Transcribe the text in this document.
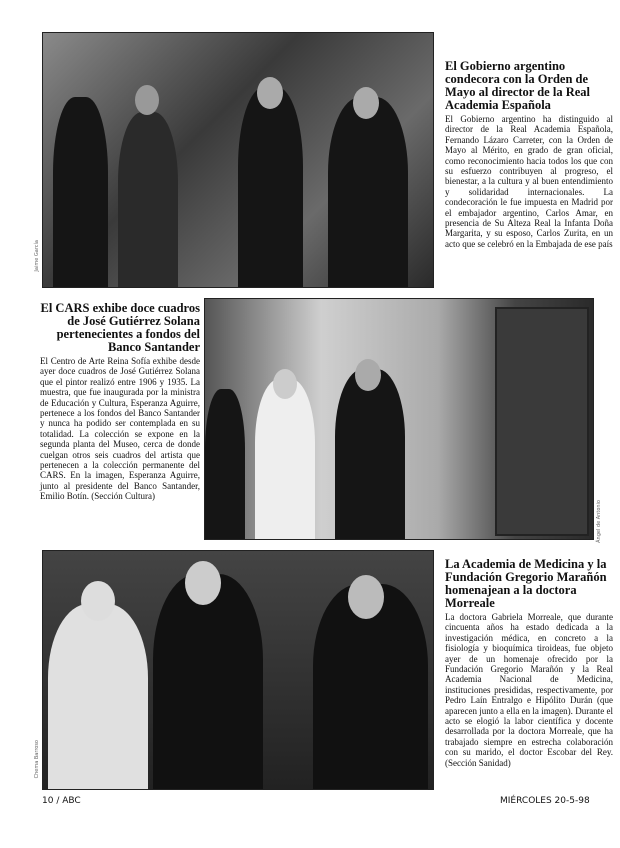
Jaime García
El Gobierno argentino condecora con la Orden de Mayo al director de la Real Academia Española

El Gobierno argentino ha distinguido al director de la Real Academia Española, Fernando Lázaro Carreter, con la Orden de Mayo al Mérito, en grado de gran oficial, como reconocimiento hacia todos los que con su esfuerzo contribuyen al progreso, el bienestar, a la cultura y al buen entendimiento y solidaridad internacionales. La condecoración le fue impuesta en Madrid por el embajador argentino, Carlos Amar, en presencia de Su Alteza Real la Infanta Doña Margarita, y su esposo, Carlos Zurita, en un acto que se celebró en la Embajada de ese país

El CARS exhibe doce cuadros de José Gutiérrez Solana pertenecientes a fondos del Banco Santander

El Centro de Arte Reina Sofía exhibe desde ayer doce cuadros de José Gutiérrez Solana que el pintor realizó entre 1906 y 1935. La muestra, que fue inaugurada por la ministra de Educación y Cultura, Esperanza Aguirre, pertenece a los fondos del Banco Santander y nunca ha podido ser contemplada en su totalidad. La colección se expone en la segunda planta del Museo, cerca de donde cuelgan otros seis cuadros del artista que pertenecen a la colección permanente del CARS. En la imagen, Esperanza Aguirre, junto al presidente del Banco Santander, Emilio Botín. (Sección Cultura)

Ángel de Antonio
Chema Barroso
La Academia de Medicina y la Fundación Gregorio Marañón homenajean a la doctora Morreale

La doctora Gabriela Morreale, que durante cincuenta años ha estado dedicada a la investigación médica, en concreto a la fisiología y bioquímica tiroideas, fue objeto ayer de un homenaje ofrecido por la Fundación Gregorio Marañón y la Real Academia Nacional de Medicina, instituciones presididas, respectivamente, por Pedro Laín Entralgo e Hipólito Durán (que aparecen junto a ella en la imagen). Durante el acto se elogió la labor científica y docente desarrollada por la doctora Morreale, que ha trabajado siempre en estrecha colaboración con su marido, el doctor Escobar del Rey. (Sección Sanidad)

10 / ABC	MIÉRCOLES 20-5-98
